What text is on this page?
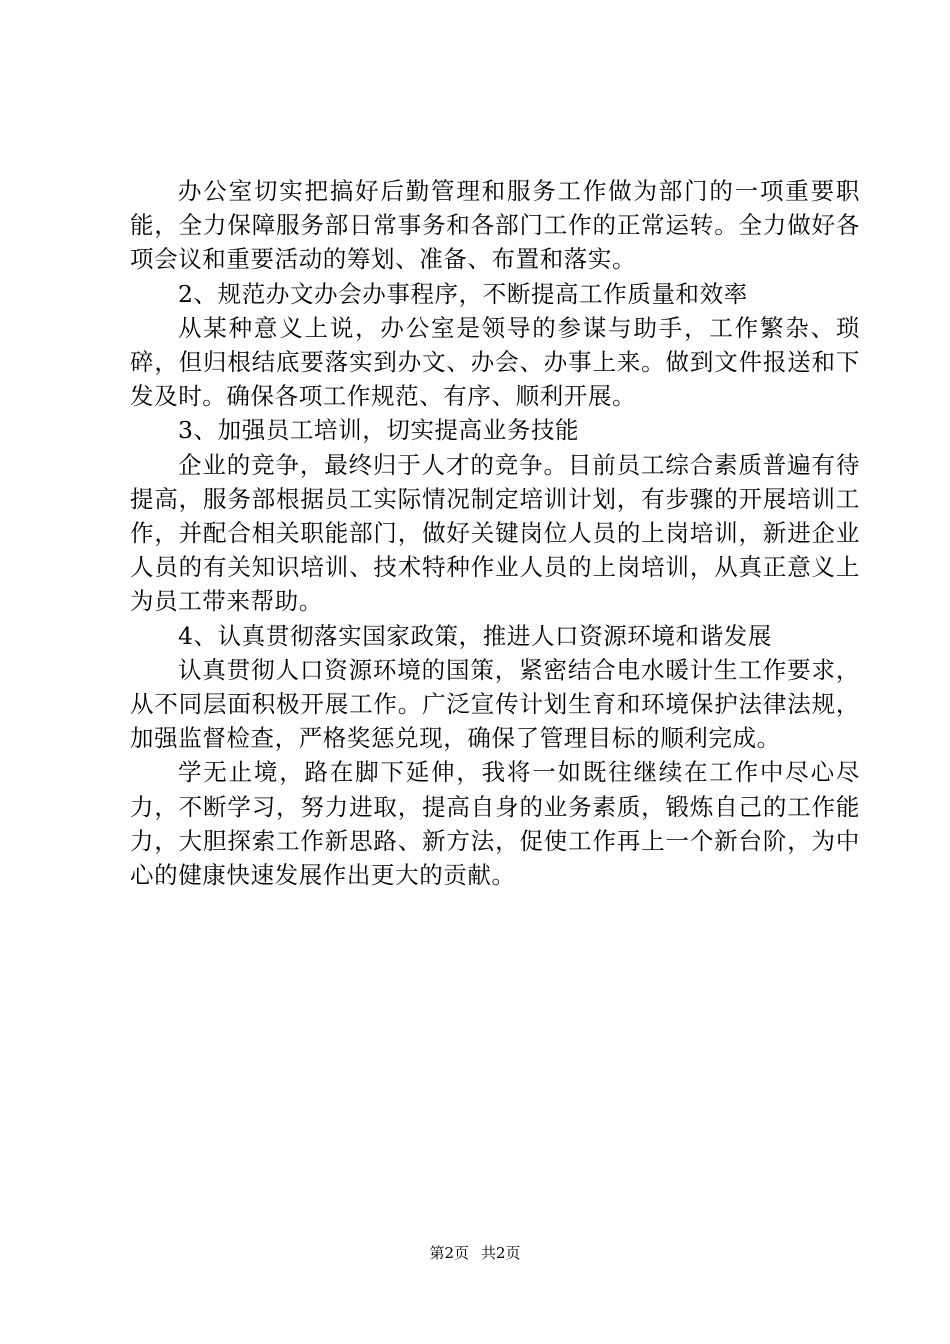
办公室切实把搞好后勤管理和服务工作做为部门的一项重要职能，全力保障服务部日常事务和各部门工作的正常运转。全力做好各项会议和重要活动的筹划、准备、布置和落实。

2、规范办文办会办事程序，不断提高工作质量和效率

从某种意义上说，办公室是领导的参谋与助手，工作繁杂、琐碎，但归根结底要落实到办文、办会、办事上来。做到文件报送和下发及时。确保各项工作规范、有序、顺利开展。

3、加强员工培训，切实提高业务技能

企业的竞争，最终归于人才的竞争。目前员工综合素质普遍有待提高，服务部根据员工实际情况制定培训计划，有步骤的开展培训工作，并配合相关职能部门，做好关键岗位人员的上岗培训，新进企业人员的有关知识培训、技术特种作业人员的上岗培训，从真正意义上为员工带来帮助。

4、认真贯彻落实国家政策，推进人口资源环境和谐发展

认真贯彻人口资源环境的国策，紧密结合电水暖计生工作要求，从不同层面积极开展工作。广泛宣传计划生育和环境保护法律法规，加强监督检查，严格奖惩兑现，确保了管理目标的顺利完成。

学无止境，路在脚下延伸，我将一如既往继续在工作中尽心尽力，不断学习，努力进取，提高自身的业务素质，锻炼自己的工作能力，大胆探索工作新思路、新方法，促使工作再上一个新台阶，为中心的健康快速发展作出更大的贡献。

第2页 共2页
